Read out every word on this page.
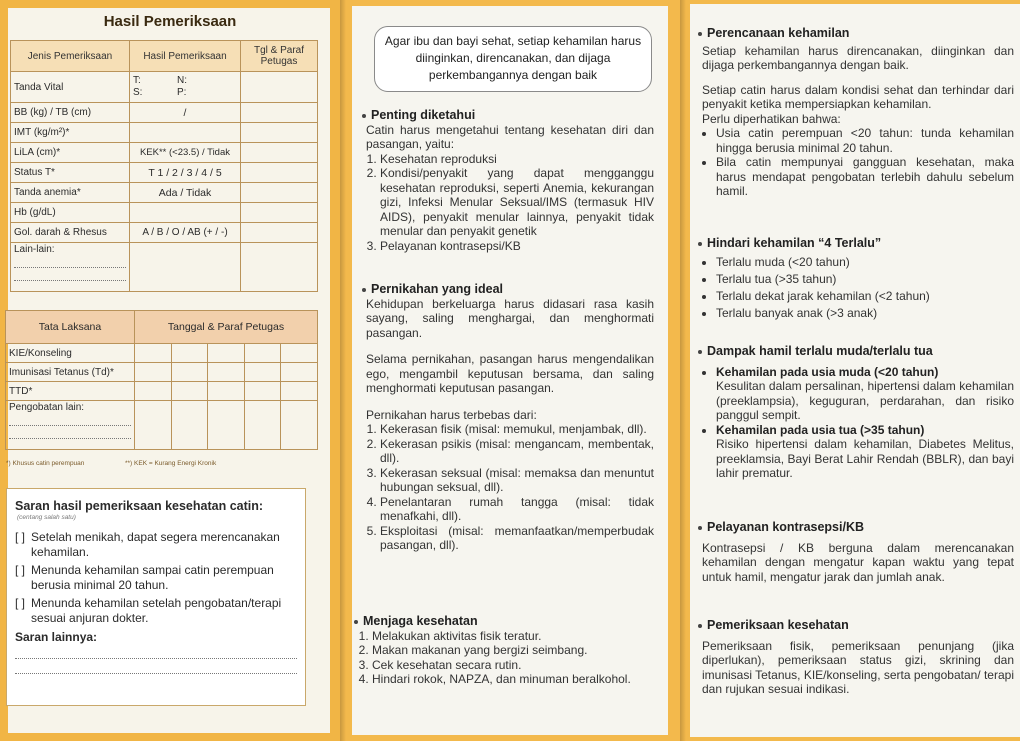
Hasil Pemeriksaan
Jenis Pemeriksaan	Hasil Pemeriksaan	Tgl & Paraf Petugas
Tanda Vital	T: N:
S: P:	

BB (kg) / TB (cm)	/	
IMT (kg/m²)*		
LiLA (cm)*	KEK** (<23.5) / Tidak	
Status T*	T 1 / 2 / 3 / 4 / 5	
Tanda anemia*	Ada / Tidak	
Hb (g/dL)		
Gol. darah & Rhesus	A / B / O / AB (+ / -)	
Lain-lain:

Tata Laksana	Tanggal & Paraf Petugas				
KIE/Konseling					
Imunisasi Tetanus (Td)*					
TTD*					
Pengobatan lain:

*) Khusus catin perempuan	**) KEK = Kurang Energi Kronik
Saran hasil pemeriksaan kesehatan catin:
(centang salah satu)
[ ] Setelah menikah, dapat segera merencanakan kehamilan.
[ ] Menunda kehamilan sampai catin perempuan berusia minimal 20 tahun.
[ ] Menunda kehamilan setelah pengobatan/terapi sesuai anjuran dokter.
Saran lainnya:
Agar ibu dan bayi sehat, setiap kehamilan harus diinginkan, direncanakan, dan dijaga perkembangannya dengan baik
Penting diketahui
Catin harus mengetahui tentang kesehatan diri dan pasangan, yaitu:
1. Kesehatan reproduksi
2. Kondisi/penyakit yang dapat mengganggu kesehatan reproduksi, seperti Anemia, kekurangan gizi, Infeksi Menular Seksual/IMS (termasuk HIV AIDS), penyakit menular lainnya, penyakit tidak menular dan penyakit genetik
3. Pelayanan kontrasepsi/KB
Pernikahan yang ideal
Kehidupan berkeluarga harus didasari rasa kasih sayang, saling menghargai, dan menghormati pasangan.
Selama pernikahan, pasangan harus mengendalikan ego, mengambil keputusan bersama, dan saling menghormati keputusan pasangan.
Pernikahan harus terbebas dari:
1. Kekerasan fisik (misal: memukul, menjambak, dll).
2. Kekerasan psikis (misal: mengancam, membentak, dll).
3. Kekerasan seksual (misal: memaksa dan menuntut hubungan seksual, dll).
4. Penelantaran rumah tangga (misal: tidak menafkahi, dll).
5. Eksploitasi (misal: memanfaatkan/memperbudak pasangan, dll).
Menjaga kesehatan
1. Melakukan aktivitas fisik teratur.
2. Makan makanan yang bergizi seimbang.
3. Cek kesehatan secara rutin.
4. Hindari rokok, NAPZA, dan minuman beralkohol.
Perencanaan kehamilan
Setiap kehamilan harus direncanakan, diinginkan dan dijaga perkembangannya dengan baik.
Setiap catin harus dalam kondisi sehat dan terhindar dari penyakit ketika mempersiapkan kehamilan.
Perlu diperhatikan bahwa:
• Usia catin perempuan <20 tahun: tunda kehamilan hingga berusia minimal 20 tahun.
• Bila catin mempunyai gangguan kesehatan, maka harus mendapat pengobatan terlebih dahulu sebelum hamil.
Hindari kehamilan “4 Terlalu”
• Terlalu muda (<20 tahun)
• Terlalu tua (>35 tahun)
• Terlalu dekat jarak kehamilan (<2 tahun)
• Terlalu banyak anak (>3 anak)
Dampak hamil terlalu muda/terlalu tua
• Kehamilan pada usia muda (<20 tahun)
Kesulitan dalam persalinan, hipertensi dalam kehamilan (preeklampsia), keguguran, perdarahan, dan risiko panggul sempit.
• Kehamilan pada usia tua (>35 tahun)
Risiko hipertensi dalam kehamilan, Diabetes Melitus, preeklamsia, Bayi Berat Lahir Rendah (BBLR), dan bayi lahir prematur.
Pelayanan kontrasepsi/KB
Kontrasepsi / KB berguna dalam merencanakan kehamilan dengan mengatur kapan waktu yang tepat untuk hamil, mengatur jarak dan jumlah anak.
Pemeriksaan kesehatan
Pemeriksaan fisik, pemeriksaan penunjang (jika diperlukan), pemeriksaan status gizi, skrining dan imunisasi Tetanus, KIE/konseling, serta pengobatan/ terapi dan rujukan sesuai indikasi.
